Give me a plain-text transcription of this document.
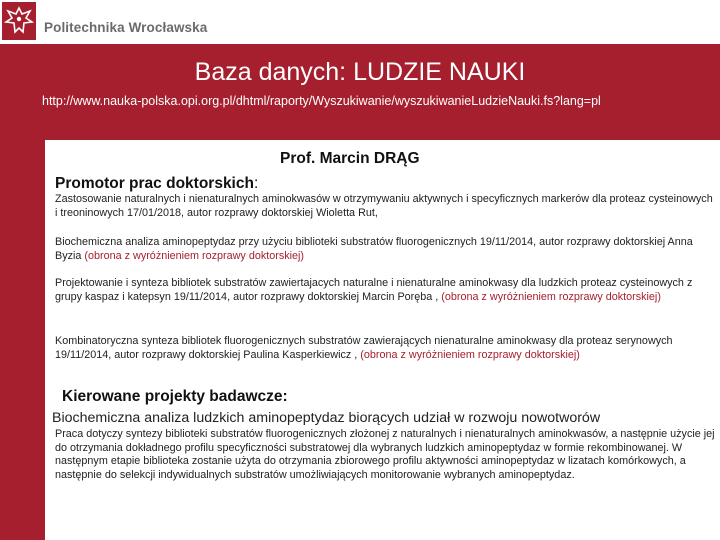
Politechnika Wrocławska
Baza danych: LUDZIE NAUKI
http://www.nauka-polska.opi.org.pl/dhtml/raporty/Wyszukiwanie/wyszukiwanieLudzieNauki.fs?lang=pl
Prof. Marcin DRĄG
Promotor prac doktorskich:
Zastosowanie naturalnych i nienaturalnych aminokwasów w otrzymywaniu aktywnych i specyficznych markerów dla proteaz cysteinowych i treoninowych 17/01/2018, autor rozprawy doktorskiej Wioletta Rut,
Biochemiczna analiza aminopeptydaz przy użyciu biblioteki substratów fluorogenicznych 19/11/2014, autor rozprawy doktorskiej Anna Byzia (obrona z wyróżnieniem rozprawy doktorskiej)
Projektowanie i synteza bibliotek substratów zawiertajacych naturalne i nienaturalne aminokwasy dla ludzkich proteaz cysteinowych z grupy kaspaz i katepsyn 19/11/2014, autor rozprawy doktorskiej Marcin Poręba , (obrona z wyróżnieniem rozprawy doktorskiej)
Kombinatoryczna synteza bibliotek fluorogenicznych substratów zawierających nienaturalne aminokwasy dla proteaz serynowych 19/11/2014, autor rozprawy doktorskiej Paulina Kasperkiewicz , (obrona z wyróżnieniem rozprawy doktorskiej)
Kierowane projekty badawcze:
Biochemiczna analiza ludzkich aminopeptydaz biorących udział w rozwoju nowotworów
Praca dotyczy syntezy biblioteki substratów fluorogenicznych złożonej z naturalnych i nienaturalnych aminokwasów, a następnie użycie jej do otrzymania dokładnego profilu specyficzności substratowej dla wybranych ludzkich aminopeptydaz w formie rekombinowanej. W następnym etapie biblioteka zostanie użyta do otrzymania zbiorowego profilu aktywności aminopeptydaz w lizatach komórkowych, a następnie do selekcji indywidualnych substratów umożliwiających monitorowanie wybranych aminopeptydaz.
